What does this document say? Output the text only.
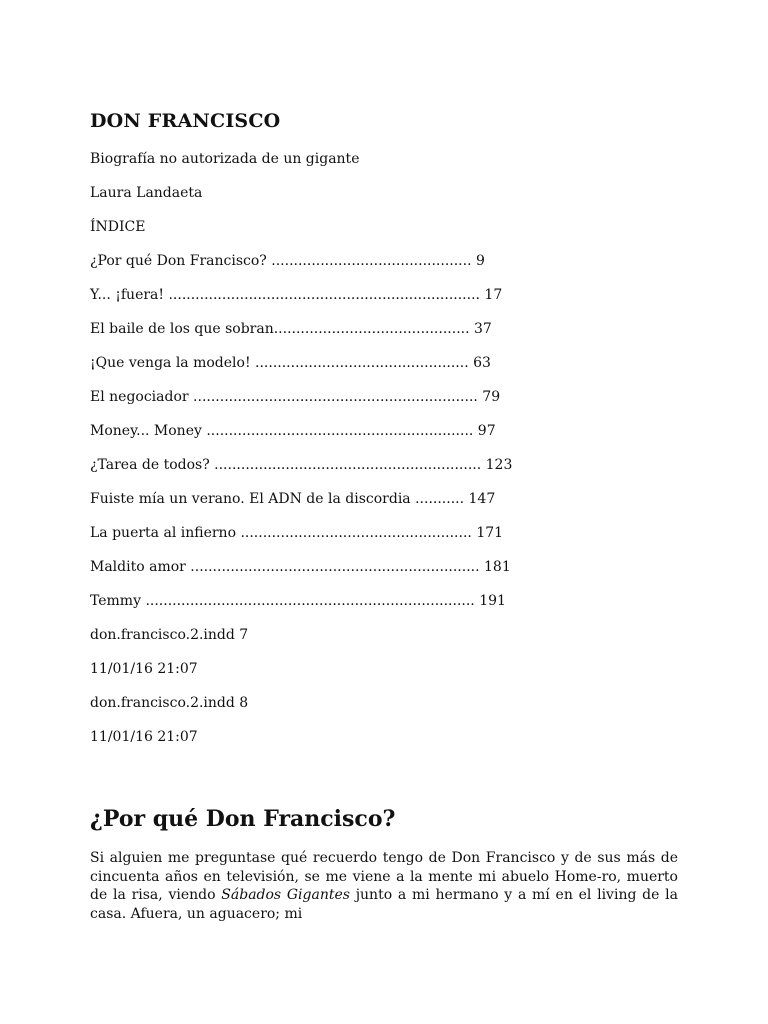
DON FRANCISCO
Biografía no autorizada de un gigante
Laura Landaeta
ÍNDICE
¿Por qué Don Francisco? ............................................. 9
Y... ¡fuera! ...................................................................... 17
El baile de los que sobran............................................ 37
¡Que venga la modelo! ................................................ 63
El negociador ................................................................ 79
Money... Money ............................................................ 97
¿Tarea de todos? ............................................................ 123
Fuiste mía un verano. El ADN de la discordia ........... 147
La puerta al infierno .................................................... 171
Maldito amor ................................................................. 181
Temmy .......................................................................... 191
don.francisco.2.indd 7
11/01/16 21:07
don.francisco.2.indd 8
11/01/16 21:07
¿Por qué Don Francisco?

Si alguien me preguntase qué recuerdo tengo de Don Francisco y de sus más de cincuenta años en televisión, se me viene a la mente mi abuelo Home-ro, muerto de la risa, viendo Sábados Gigantes junto a mi hermano y a mí en el living de la casa. Afuera, un aguacero; mi
